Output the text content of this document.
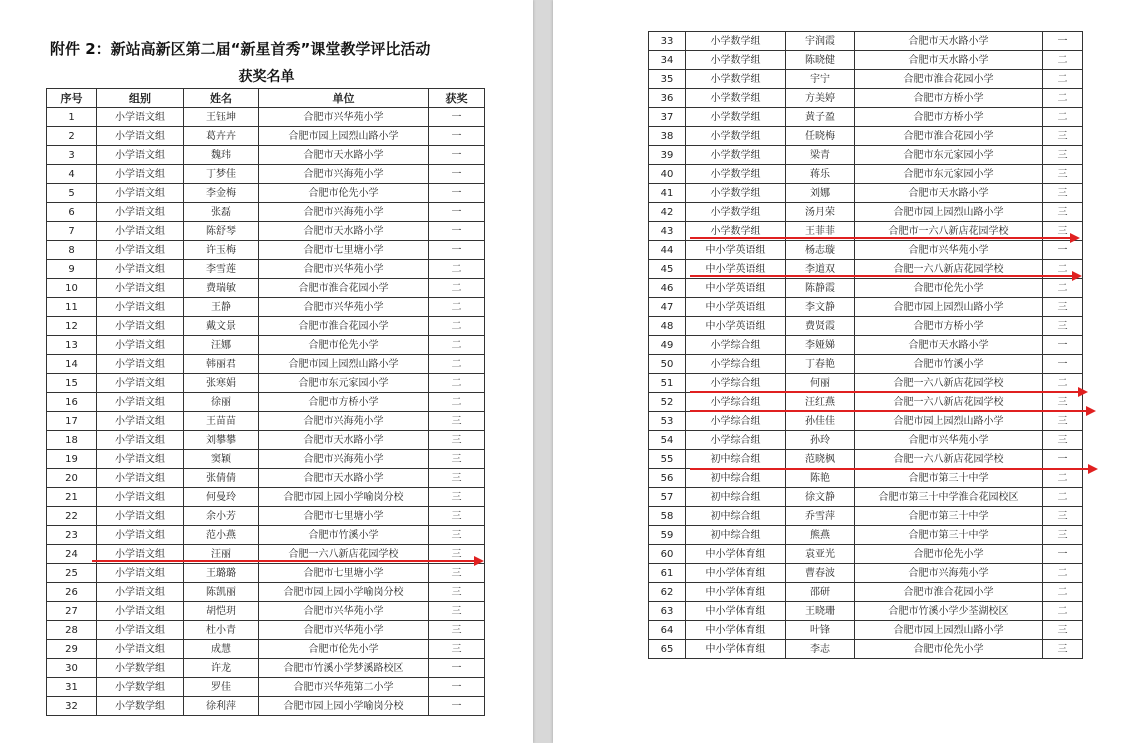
附件 2：新站高新区第二届“新星首秀”课堂教学评比活动
获奖名单
序号	组别	姓名	单位	获奖
1	小学语文组	王钰坤	合肥市兴华苑小学	一
2	小学语文组	葛卉卉	合肥市园上园烈山路小学	一
3	小学语文组	魏玮	合肥市天水路小学	一
4	小学语文组	丁梦佳	合肥市兴海苑小学	一
5	小学语文组	李金梅	合肥市伦先小学	一
6	小学语文组	张磊	合肥市兴海苑小学	一
7	小学语文组	陈舒琴	合肥市天水路小学	一
8	小学语文组	许玉梅	合肥市七里塘小学	一
9	小学语文组	李雪莲	合肥市兴华苑小学	二
10	小学语文组	费瑞敏	合肥市淮合花园小学	二
11	小学语文组	王静	合肥市兴华苑小学	二
12	小学语文组	戴文景	合肥市淮合花园小学	二
13	小学语文组	汪娜	合肥市伦先小学	二
14	小学语文组	韩丽君	合肥市园上园烈山路小学	二
15	小学语文组	张寒娟	合肥市东元家园小学	二
16	小学语文组	徐丽	合肥市方桥小学	二
17	小学语文组	王苗苗	合肥市兴海苑小学	三
18	小学语文组	刘攀攀	合肥市天水路小学	三
19	小学语文组	窦颖	合肥市兴海苑小学	三
20	小学语文组	张倩倩	合肥市天水路小学	三
21	小学语文组	何曼玲	合肥市园上园小学喻岗分校	三
22	小学语文组	余小芳	合肥市七里塘小学	三
23	小学语文组	范小燕	合肥市竹溪小学	三
24	小学语文组	汪丽	合肥一六八新店花园学校	三
25	小学语文组	王璐璐	合肥市七里塘小学	三
26	小学语文组	陈凯丽	合肥市园上园小学喻岗分校	三
27	小学语文组	胡恺玥	合肥市兴华苑小学	三
28	小学语文组	杜小青	合肥市兴华苑小学	三
29	小学语文组	成慧	合肥市伦先小学	三
30	小学数学组	许龙	合肥市竹溪小学梦溪路校区	一
31	小学数学组	罗佳	合肥市兴华苑第二小学	一
32	小学数学组	徐利萍	合肥市园上园小学喻岗分校	一
33	小学数学组	宇润霞	合肥市天水路小学	一
34	小学数学组	陈晓健	合肥市天水路小学	二
35	小学数学组	宇宁	合肥市淮合花园小学	二
36	小学数学组	方美婷	合肥市方桥小学	二
37	小学数学组	黄子盈	合肥市方桥小学	二
38	小学数学组	任晓梅	合肥市淮合花园小学	三
39	小学数学组	梁青	合肥市东元家园小学	三
40	小学数学组	蒋乐	合肥市东元家园小学	三
41	小学数学组	刘娜	合肥市天水路小学	三
42	小学数学组	汤月荣	合肥市园上园烈山路小学	三
43	小学数学组	王菲菲	合肥市一六八新店花园学校	三
44	中小学英语组	杨志璇	合肥市兴华苑小学	一
45	中小学英语组	李道双	合肥一六八新店花园学校	二
46	中小学英语组	陈静霞	合肥市伦先小学	二
47	中小学英语组	李文静	合肥市园上园烈山路小学	三
48	中小学英语组	费贤霞	合肥市方桥小学	三
49	小学综合组	李娅娣	合肥市天水路小学	一
50	小学综合组	丁春艳	合肥市竹溪小学	一
51	小学综合组	何丽	合肥一六八新店花园学校	二
52	小学综合组	汪红燕	合肥一六八新店花园学校	三
53	小学综合组	孙佳佳	合肥市园上园烈山路小学	三
54	小学综合组	孙玲	合肥市兴华苑小学	三
55	初中综合组	范晓枫	合肥一六八新店花园学校	一
56	初中综合组	陈艳	合肥市第三十中学	二
57	初中综合组	徐文静	合肥市第三十中学淮合花园校区	二
58	初中综合组	乔雪萍	合肥市第三十中学	三
59	初中综合组	熊燕	合肥市第三十中学	三
60	中小学体育组	袁亚光	合肥市伦先小学	一
61	中小学体育组	曹春波	合肥市兴海苑小学	二
62	中小学体育组	邵研	合肥市淮合花园小学	二
63	中小学体育组	王晓珊	合肥市竹溪小学少荃湖校区	二
64	中小学体育组	叶锋	合肥市园上园烈山路小学	三
65	中小学体育组	李志	合肥市伦先小学	三
